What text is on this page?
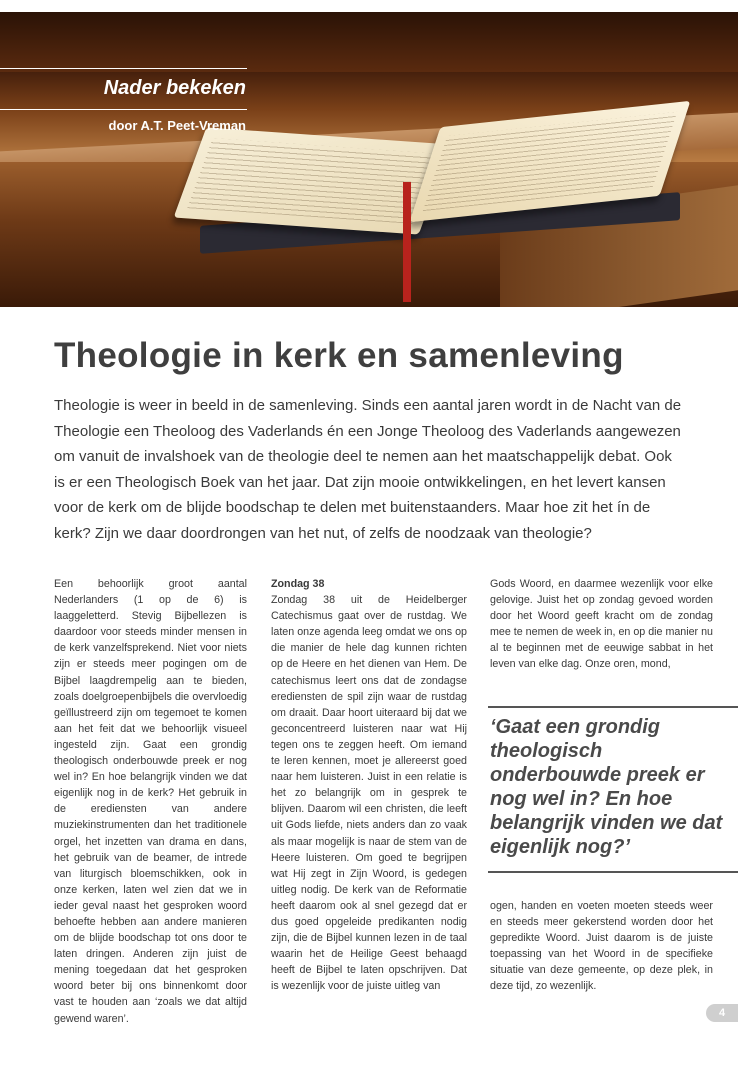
Nader bekeken
door A.T. Peet-Vreman
Theologie in kerk en samenleving

Theologie is weer in beeld in de samenleving. Sinds een aantal jaren wordt in de Nacht van de Theologie een Theoloog des Vaderlands én een Jonge Theoloog des Vaderlands aangewezen om vanuit de invalshoek van de theologie deel te nemen aan het maatschappelijk debat. Ook is er een Theologisch Boek van het jaar. Dat zijn mooie ontwikkelingen, en het levert kansen voor de kerk om de blijde boodschap te delen met buitenstaanders. Maar hoe zit het ín de kerk? Zijn we daar doordrongen van het nut, of zelfs de noodzaak van theologie?

Een behoorlijk groot aantal Nederlanders (1 op de 6) is laaggeletterd. Stevig Bijbellezen is daardoor voor steeds minder mensen in de kerk vanzelfsprekend. Niet voor niets zijn er steeds meer pogingen om de Bijbel laagdrempelig aan te bieden, zoals doelgroepenbijbels die overvloedig geïllustreerd zijn om tegemoet te komen aan het feit dat we behoorlijk visueel ingesteld zijn. Gaat een grondig theologisch onderbouwde preek er nog wel in? En hoe belangrijk vinden we dat eigenlijk nog in de kerk? Het gebruik in de erediensten van andere muziekinstrumenten dan het traditionele orgel, het inzetten van drama en dans, het gebruik van de beamer, de intrede van liturgisch bloemschikken, ook in onze kerken, laten wel zien dat we in ieder geval naast het gesproken woord behoefte hebben aan andere manieren om de blijde boodschap tot ons door te laten dringen. Anderen zijn juist de mening toegedaan dat het gesproken woord beter bij ons binnenkomt door vast te houden aan ‘zoals we dat altijd gewend waren’.
Zondag 38
Zondag 38 uit de Heidelberger Catechismus gaat over de rustdag. We laten onze agenda leeg omdat we ons op die manier de hele dag kunnen richten op de Heere en het dienen van Hem. De catechismus leert ons dat de zondagse erediensten de spil zijn waar de rustdag om draait. Daar hoort uiteraard bij dat we geconcentreerd luisteren naar wat Hij tegen ons te zeggen heeft. Om iemand te leren kennen, moet je allereerst goed naar hem luisteren. Juist in een relatie is het zo belangrijk om in gesprek te blijven. Daarom wil een christen, die leeft uit Gods liefde, niets anders dan zo vaak als maar mogelijk is naar de stem van de Heere luisteren. Om goed te begrijpen wat Hij zegt in Zijn Woord, is gedegen uitleg nodig. De kerk van de Reformatie heeft daarom ook al snel gezegd dat er dus goed opgeleide predikanten nodig zijn, die de Bijbel kunnen lezen in de taal waarin het de Heilige Geest behaagd heeft de Bijbel te laten opschrijven. Dat is wezenlijk voor de juiste uitleg van
Gods Woord, en daarmee wezenlijk voor elke gelovige. Juist het op zondag gevoed worden door het Woord geeft kracht om de zondag mee te nemen de week in, en op die manier nu al te beginnen met de eeuwige sabbat in het leven van elke dag. Onze oren, mond,
‘Gaat een grondig theologisch onderbouwde preek er nog wel in? En hoe belangrijk vinden we dat eigenlijk nog?’
ogen, handen en voeten moeten steeds weer en steeds meer gekerstend worden door het gepredikte Woord. Juist daarom is de juiste toepassing van het Woord in de specifieke situatie van deze gemeente, op deze plek, in deze tijd, zo wezenlijk.
4
